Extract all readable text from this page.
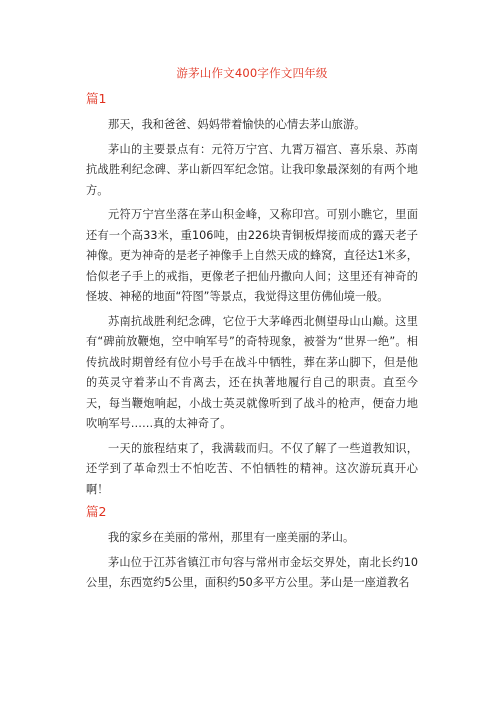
游茅山作文400字作文四年级
篇1

那天，我和爸爸、妈妈带着愉快的心情去茅山旅游。

茅山的主要景点有：元符万宁宫、九霄万福宫、喜乐泉、苏南抗战胜利纪念碑、茅山新四军纪念馆。让我印象最深刻的有两个地方。

元符万宁宫坐落在茅山积金峰，又称印宫。可别小瞧它，里面还有一个高33米，重106吨，由226块青铜板焊接而成的露天老子神像。更为神奇的是老子神像手上自然天成的蜂窝，直径达1米多，恰似老子手上的戒指，更像老子把仙丹撒向人间；这里还有神奇的怪坡、神秘的地面“符图”等景点，我觉得这里仿佛仙境一般。

苏南抗战胜利纪念碑，它位于大茅峰西北侧望母山山巅。这里有“碑前放鞭炮，空中响军号”的奇特现象，被誉为“世界一绝”。相传抗战时期曾经有位小号手在战斗中牺牲，葬在茅山脚下，但是他的英灵守着茅山不肯离去，还在执著地履行自己的职责。直至今天，每当鞭炮响起，小战士英灵就像听到了战斗的枪声，便奋力地吹响军号……真的太神奇了。

一天的旅程结束了，我满载而归。不仅了解了一些道教知识，还学到了革命烈士不怕吃苦、不怕牺牲的精神。这次游玩真开心啊！

篇2

我的家乡在美丽的常州，那里有一座美丽的茅山。

茅山位于江苏省镇江市句容与常州市金坛交界处，南北长约10公里，东西宽约5公里，面积约50多平方公里。茅山是一座道教名
